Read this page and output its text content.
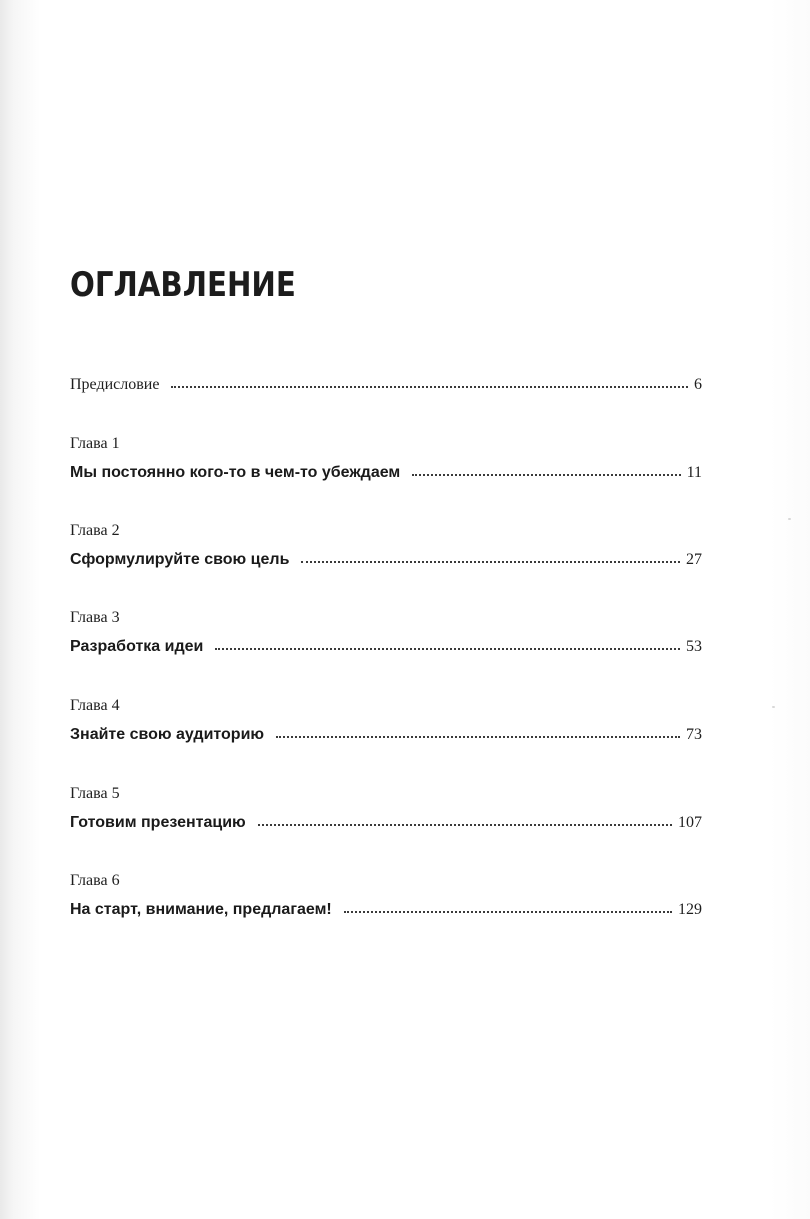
ОГЛАВЛЕНИЕ
Предисловие	6
Глава 1
Мы постоянно кого-то в чем-то убеждаем	11
Глава 2
Сформулируйте свою цель	27
Глава 3
Разработка идеи	53
Глава 4
Знайте свою аудиторию	73
Глава 5
Готовим презентацию	107
Глава 6
На старт, внимание, предлагаем!	129
